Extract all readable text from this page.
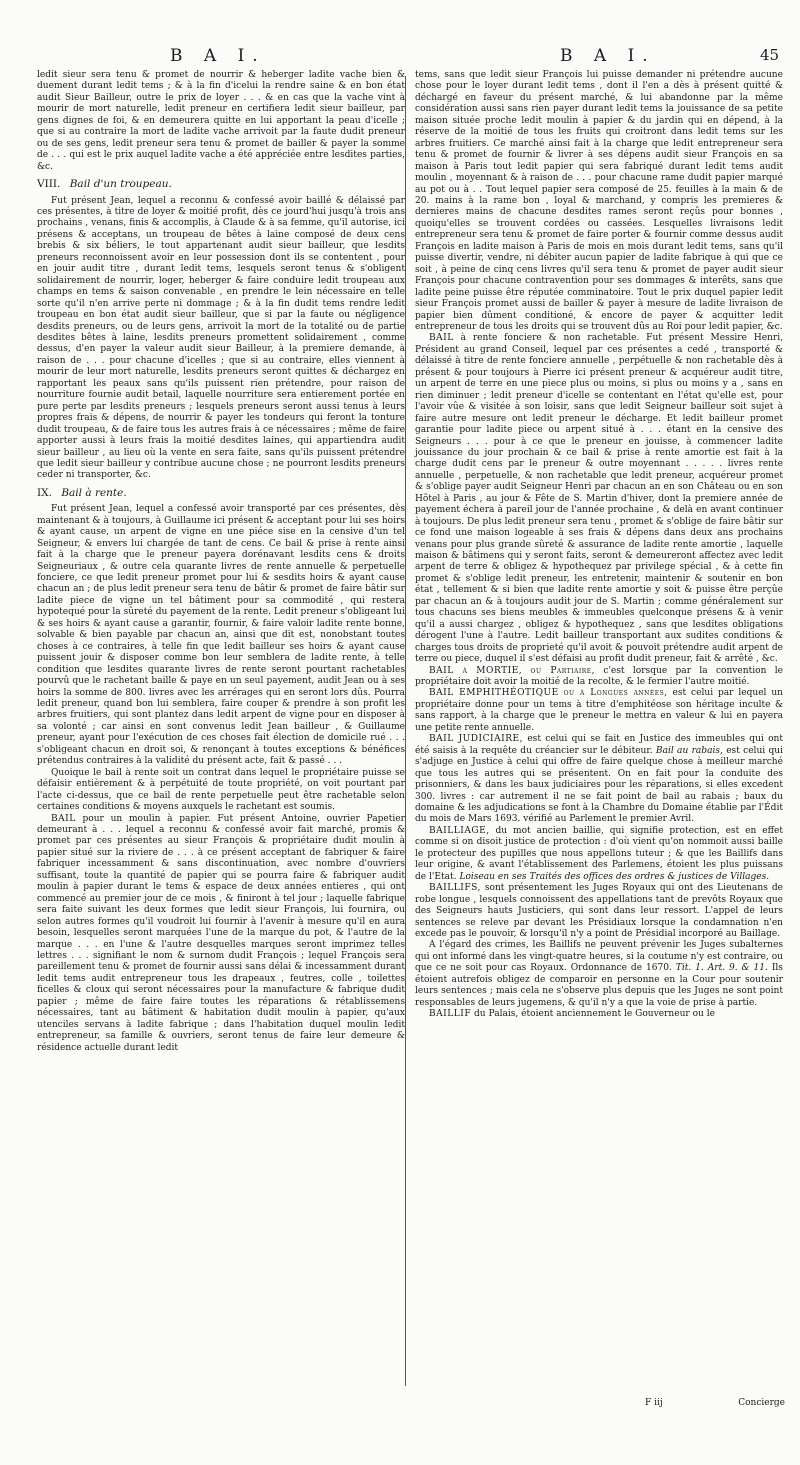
B A I.	B A I.	45

ledit sieur sera tenu & promet de nourrir & heberger ladite vache bien & duement durant ledit tems ; & à la fin d'icelui la rendre saine & en bon état audit Sieur Bailleur, outre le prix de loyer . . . & en cas que la vache vint à mourir de mort naturelle, ledit preneur en certifiera ledit sieur bailleur, par gens dignes de foi, & en demeurera quitte en lui apportant la peau d'icelle ; que si au contraire la mort de ladite vache arrivoit par la faute dudit preneur ou de ses gens, ledit preneur sera tenu & promet de bailler & payer la somme de . . . qui est le prix auquel ladite vache a été appréciée entre lesdites parties, &c.

VIII. Bail d'un troupeau.

Fut présent Jean, lequel a reconnu & confessé avoir baillé & délaissé par ces présentes, à titre de loyer & moitié profit, dès ce jourd'hui jusqu'à trois ans prochains , venans, finis & accomplis, à Claude & à sa femme, qu'il autorise, ici présens & acceptans, un troupeau de bêtes à laine composé de deux cens brebis & six béliers, le tout appartenant audit sieur bailleur, que lesdits preneurs reconnoissent avoir en leur possession dont ils se contentent , pour en jouir audit titre , durant ledit tems, lesquels seront tenus & s'obligent solidairement de nourrir, loger, heberger & faire conduire ledit troupeau aux champs en tems & saison convenable , en prendre le lein nécessaire en telle sorte qu'il n'en arrive perte ni dommage ; & à la fin dudit tems rendre ledit troupeau en bon état audit sieur bailleur, que si par la faute ou négligence desdits preneurs, ou de leurs gens, arrivoit la mort de la totalité ou de partie desdites bêtes à laine, lesdits preneurs promettent solidairement , comme dessus, d'en payer la valeur audit sieur Bailleur, à la premiere demande, à raison de . . . pour chacune d'icelles ; que si au contraire, elles viennent à mourir de leur mort naturelle, lesdits preneurs seront quittes & déchargez en rapportant les peaux sans qu'ils puissent rien prétendre, pour raison de nourriture fournie audit betail, laquelle nourriture sera entierement portée en pure perte par lesdits preneurs ; lesquels preneurs seront aussi tenus à leurs propres frais & dépens, de nourrir & payer les tondeurs qui feront la tonture dudit troupeau, & de faire tous les autres frais à ce nécessaires ; même de faire apporter aussi à leurs frais la moitié desdites laines, qui appartiendra audit sieur bailleur , au lieu où la vente en sera faite, sans qu'ils puissent prétendre que ledit sieur bailleur y contribue aucune chose ; ne pourront lesdits preneurs ceder ni transporter, &c.

IX. Bail à rente.

Fut présent Jean, lequel a confessé avoir transporté par ces présentes, dès maintenant & à toujours, à Guillaume ici présent & acceptant pour lui ses hoirs & ayant cause, un arpent de vigne en une piéce sise en la censive d'un tel Seigneur, & envers lui chargée de tant de cens. Ce bail & prise à rente ainsi fait à la charge que le preneur payera dorénavant lesdits cens & droits Seigneuriaux , & outre cela quarante livres de rente annuelle & perpetuelle fonciere, ce que ledit preneur promet pour lui & sesdits hoirs & ayant cause chacun an ; de plus ledit preneur sera tenu de bâtir & promet de faire bâtir sur ladite piece de vigne un tel bâtiment pour sa commodité , qui restera hypotequé pour la sûreté du payement de la rente. Ledit preneur s'obligeant lui & ses hoirs & ayant cause a garantir, fournir, & faire valoir ladite rente bonne, solvable & bien payable par chacun an, ainsi que dit est, nonobstant toutes choses à ce contraires, à telle fin que ledit bailleur ses hoirs & ayant cause puissent jouir & disposer comme bon leur semblera de ladite rente, à telle condition que lesdites quarante livres de rente seront pourtant rachetables pourvû que le rachetant baille & paye en un seul payement, audit Jean ou à ses hoirs la somme de 800. livres avec les arrérages qui en seront lors dûs. Pourra ledit preneur, quand bon lui semblera, faire couper & prendre à son profit les arbres fruitiers, qui sont plantez dans ledit arpent de vigne pour en disposer à sa volonté ; car ainsi en sont convenus ledit Jean bailleur , & Guillaume preneur, ayant pour l'exécution de ces choses fait élection de domicile rué . . . s'obligeant chacun en droit soi, & renonçant à toutes exceptions & bénéfices prétendus contraires à la validité du présent acte, fait & passé . . .

Quoique le bail à rente soit un contrat dans lequel le propriétaire puisse se défaisir entièrement & à perpétuité de toute propriété, on voit pourtant par l'acte ci-dessus, que ce bail de rente perpetuelle peut être rachetable selon certaines conditions & moyens auxquels le rachetant est soumis.

BAIL pour un moulin à papier. Fut présent Antoine, ouvrier Papetier demeurant à . . . lequel a reconnu & confessé avoir fait marché, promis & promet par ces présentes au sieur François & propriétaire dudit moulin à papier situé sur la riviere de . . . à ce présent acceptant de fabriquer & faire fabriquer incessamment & sans discontinuation, avec nombre d'ouvriers suffisant, toute la quantité de papier qui se pourra faire & fabriquer audit moulin à papier durant le tems & espace de deux années entieres , qui ont commencé au premier jour de ce mois , & finiront à tel jour ; laquelle fabrique sera faite suivant les deux formes que ledit sieur François, lui fournira, ou selon autres formes qu'il voudroit lui fournir à l'avenir à mesure qu'il en aura besoin, lesquelles seront marquées l'une de la marque du pot, & l'autre de la marque . . . en l'une & l'autre desquelles marques seront imprimez telles lettres . . . signifiant le nom & surnom dudit François ; lequel François sera pareillement tenu & promet de fournir aussi sans délai & incessamment durant ledit tems audit entrepreneur tous les drapeaux , feutres, colle , toilettes ficelles & cloux qui seront nécessaires pour la manufacture & fabrique dudit papier ; même de faire faire toutes les réparations & rétablissemens nécessaires, tant au bâtiment & habitation dudit moulin à papier, qu'aux utenciles servans à ladite fabrique ; dans l'habitation duquel moulin ledit entrepreneur, sa famille & ouvriers, seront tenus de faire leur demeure & résidence actuelle durant ledit

tems, sans que ledit sieur François lui puisse demander ni prétendre aucune chose pour le loyer durant ledit tems , dont il l'en a dès à présent quitté & déchargé en faveur du présent marché, & lui abandonne par la même considération aussi sans rien payer durant ledit tems la jouissance de sa petite maison située proche ledit moulin à papier & du jardin qui en dépend, à la réserve de la moitié de tous les fruits qui croitront dans ledit tems sur les arbres fruitiers. Ce marché ainsi fait à la charge que ledit entrepreneur sera tenu & promet de fournir & livrer à ses dépens audit sieur François en sa maison à Paris tout ledit papier qui sera fabriqué durant ledit tems audit moulin , moyennant & à raison de . . . pour chacune rame dudit papier marqué au pot ou à . . Tout lequel papier sera composé de 25. feuilles à la main & de 20. mains à la rame bon , loyal & marchand, y compris les premieres & dernieres mains de chacune desdites rames seront reçûs pour bonnes , quoiqu'elles se trouvent cordées ou cassées. Lesquelles livraisons ledit entrepreneur sera tenu & promet de faire porter & fournir comme dessus audit François en ladite maison à Paris de mois en mois durant ledit tems, sans qu'il puisse divertir, vendre, ni débiter aucun papier de ladite fabrique à qui que ce soit , à peine de cinq cens livres qu'il sera tenu & promet de payer audit sieur François pour chacune contravention pour ses dommages & interêts, sans que ladite peine puisse être réputée comminatoire. Tout le prix duquel papier ledit sieur François promet aussi de bailler & payer à mesure de ladite livraison de papier bien dûment conditioné, & encore de payer & acquitter ledit entrepreneur de tous les droits qui se trouvent dûs au Roi pour ledit papier, &c.

BAIL à rente fonciere & non rachetable. Fut présent Messire Henri, Président au grand Conseil, lequel par ces présentes a cedé , transporté & délaissé à titre de rente fonciere annuelle , perpétuelle & non rachetable dès à présent & pour toujours à Pierre ici présent preneur & acquéreur audit titre, un arpent de terre en une piece plus ou moins, si plus ou moins y a , sans en rien diminuer ; ledit preneur d'icelle se contentant en l'état qu'elle est, pour l'avoir vûe & visitée à son loisir, sans que ledit Seigneur bailleur soit sujet à faire autre mesure ont ledit preneur le décharge. Et ledit bailleur promet garantie pour ladite piece ou arpent situé à . . . étant en la censive des Seigneurs . . . pour à ce que le preneur en jouisse, à commencer ladite jouissance du jour prochain & ce bail & prise à rente amortie est fait à la charge dudit cens par le preneur & outre moyennant . . . . . livres rente annuelle , perpetuelle, & non rachetable que ledit preneur, acquéreur promet & s'oblige payer audit Seigneur Henri par chacun an en son Château ou en son Hôtel à Paris , au jour & Fête de S. Martin d'hiver, dont la premiere année de payement échera à pareil jour de l'année prochaine , & delà en avant continuer à toujours. De plus ledit preneur sera tenu , promet & s'oblige de faire bâtir sur ce fond une maison logeable à ses frais & dépens dans deux ans prochains venans pour plus grande sûreté & assurance de ladite rente amortie , laquelle maison & bâtimens qui y seront faits, seront & demeureront affectez avec ledit arpent de terre & obligez & hypothequez par privilege spécial , & à cette fin promet & s'oblige ledit preneur, les entretenir, maintenir & soutenir en bon état , tellement & si bien que ladite rente amortie y soit & puisse être perçûe par chacun an & à toujours audit jour de S. Martin ; comme généralement sur tous chacuns ses biens meubles & immeubles quelconque présens & à venir qu'il a aussi chargez , obligez & hypothequez , sans que lesdites obligations dérogent l'une à l'autre. Ledit bailleur transportant aux sudites conditions & charges tous droits de proprieté qu'il avoit & pouvoit prétendre audit arpent de terre ou piece, duquel il s'est défaisi au profit dudit preneur, fait & arrêté , &c.

BAIL à MORTIE, ou Partiaire, c'est lorsque par la convention le propriétaire doit avoir la moitié de la recolte, & le fermier l'autre moitié.

BAIL EMPHITHÉOTIQUE ou à Longues années, est celui par lequel un propriétaire donne pour un tems à titre d'emphitéose son héritage inculte & sans rapport, à la charge que le preneur le mettra en valeur & lui en payera une petite rente annuelle.

BAIL JUDICIAIRE, est celui qui se fait en Justice des immeubles qui ont été saisis à la requête du créancier sur le débiteur. Bail au rabais, est celui qui s'adjuge en Justice à celui qui offre de faire quelque chose à meilleur marché que tous les autres qui se présentent. On en fait pour la conduite des prisonniers, & dans les baux judiciaires pour les réparations, si elles excedent 300. livres : car autrement il ne se fait point de bail au rabais ; baux du domaine & les adjudications se font à la Chambre du Domaine établie par l'Édit du mois de Mars 1693. vérifié au Parlement le premier Avril.

BAILLIAGE, du mot ancien baillie, qui signifie protection, est en effet comme si on disoit justice de protection : d'où vient qu'on nommoit aussi baille le protecteur des pupilles que nous appellons tuteur ; & que les Baillifs dans leur origine, & avant l'établissement des Parlemens, étoient les plus puissans de l'Etat. Loiseau en ses Traités des offices des ordres & justices de Villages.

BAILLIFS, sont présentement les Juges Royaux qui ont des Lieutenans de robe longue , lesquels connoissent des appellations tant de prevôts Royaux que des Seigneurs hauts Justiciers, qui sont dans leur ressort. L'appel de leurs sentences se releve par devant les Présidiaux lorsque la condamnation n'en excede pas le pouvoir, & lorsqu'il n'y a point de Présidial incorporé au Baillage.

A l'égard des crimes, les Baillifs ne peuvent prévenir les Juges subalternes qui ont informé dans les vingt-quatre heures, si la coutume n'y est contraire, ou que ce ne soit pour cas Royaux. Ordonnance de 1670. Tit. 1. Art. 9. & 11. Ils étoient autrefois obligez de comparoir en personne en la Cour pour soutenir leurs sentences ; mais cela ne s'observe plus depuis que les Juges ne sont point responsables de leurs jugemens, & qu'il n'y a que la voie de prise à partie.

BAILLIF du Palais, étoient anciennement le Gouverneur ou le

F iij	Concierge
